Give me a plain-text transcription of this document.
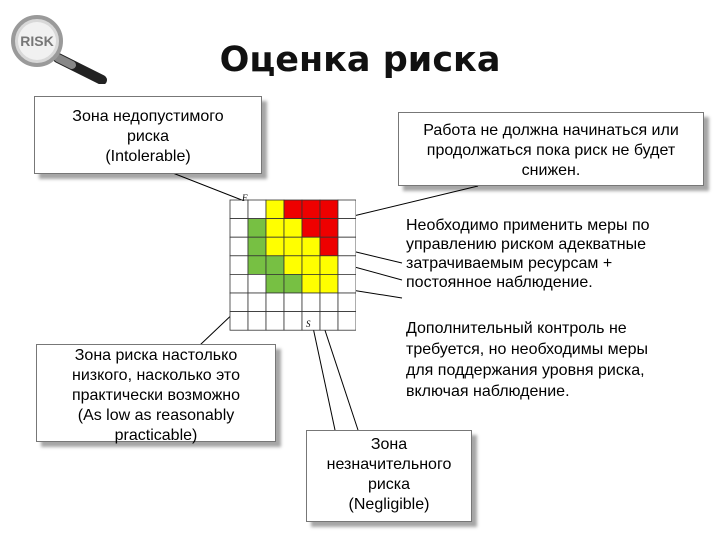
RISK	Оценка риска
F
S
Зона недопустимого
риска
(Intolerable)
Работа не должна начинаться или
продолжаться пока риск не будет
снижен.
Необходимо применить меры по
управлению риском адекватные
затрачиваемым ресурсам +
постоянное наблюдение.
Зона риска настолько
низкого, насколько это
практически возможно
(As low as reasonably
practicable)
Дополнительный контроль не
требуется, но необходимы меры
для поддержания уровня риска,
включая наблюдение.
Зона
незначительного
риска
(Negligible)
